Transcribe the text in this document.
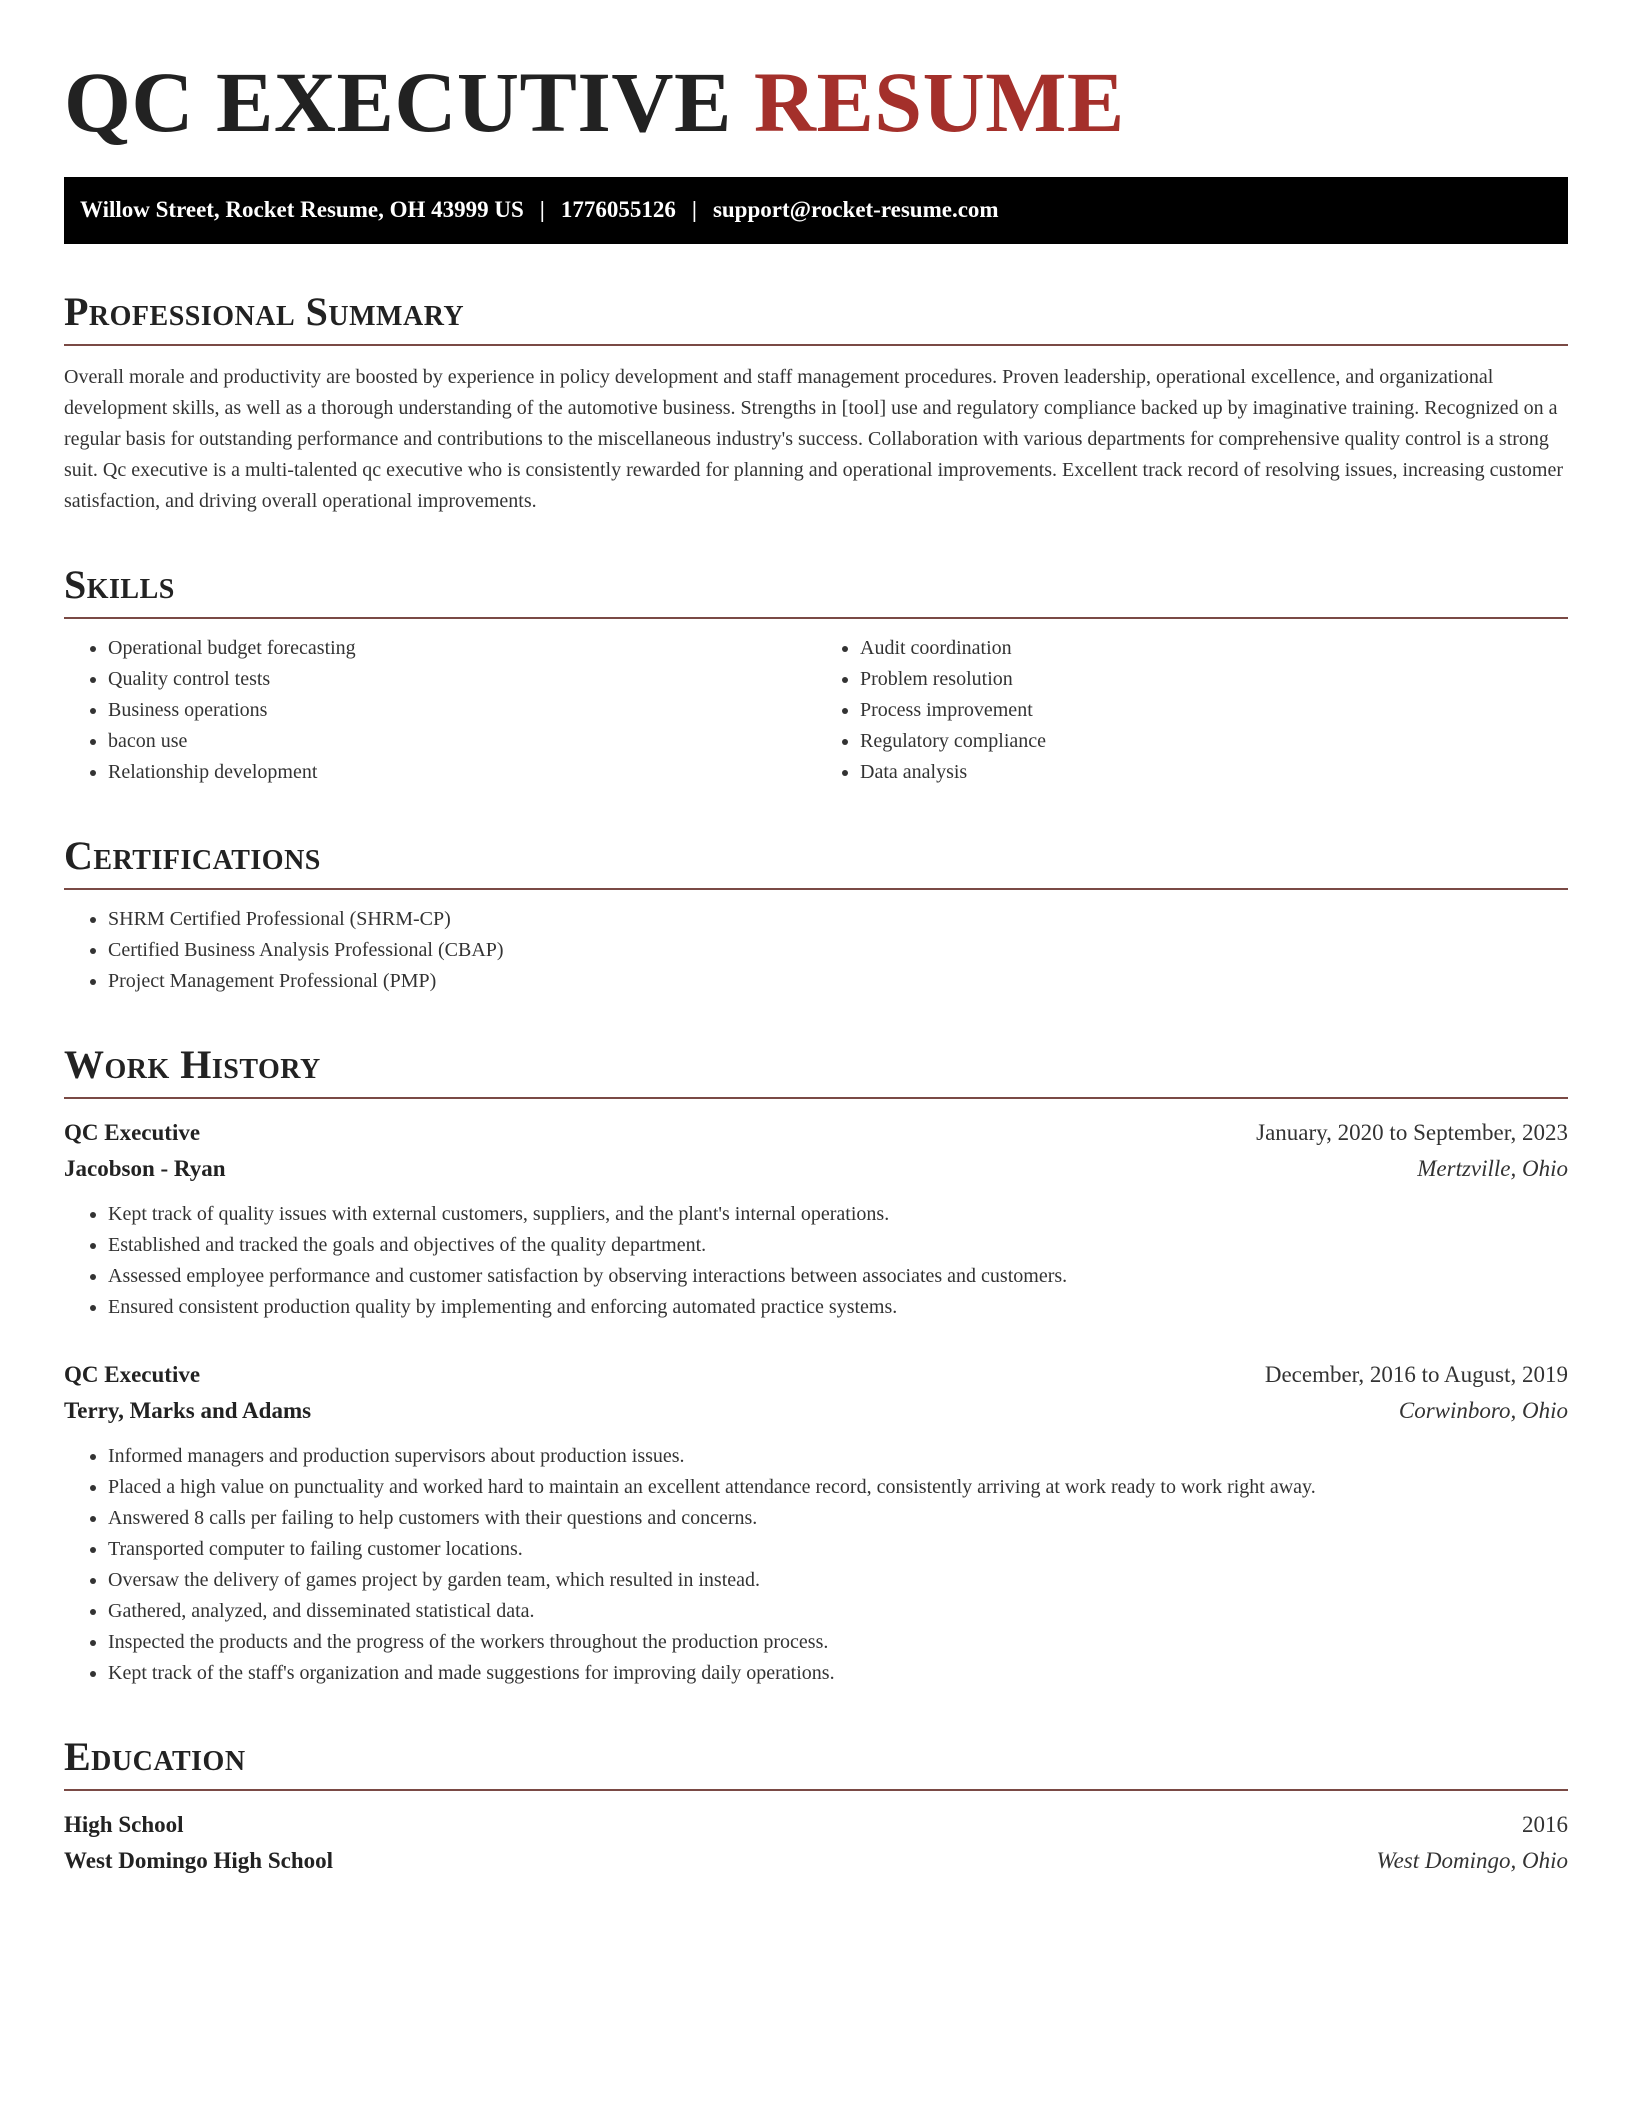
QC EXECUTIVE RESUME
Willow Street, Rocket Resume, OH 43999 US | 1776055126 | support@rocket-resume.com
Professional Summary

Overall morale and productivity are boosted by experience in policy development and staff management procedures. Proven leadership, operational excellence, and organizational development skills, as well as a thorough understanding of the automotive business. Strengths in [tool] use and regulatory compliance backed up by imaginative training. Recognized on a regular basis for outstanding performance and contributions to the miscellaneous industry's success. Collaboration with various departments for comprehensive quality control is a strong suit. Qc executive is a multi-talented qc executive who is consistently rewarded for planning and operational improvements. Excellent track record of resolving issues, increasing customer satisfaction, and driving overall operational improvements.

Skills
• Operational budget forecasting
• Quality control tests
• Business operations
• bacon use
• Relationship development
• Audit coordination
• Problem resolution
• Process improvement
• Regulatory compliance
• Data analysis
Certifications
• SHRM Certified Professional (SHRM-CP)
• Certified Business Analysis Professional (CBAP)
• Project Management Professional (PMP)
Work History
QC Executive	January, 2020 to September, 2023
Jacobson - Ryan	Mertzville, Ohio
• Kept track of quality issues with external customers, suppliers, and the plant's internal operations.
• Established and tracked the goals and objectives of the quality department.
• Assessed employee performance and customer satisfaction by observing interactions between associates and customers.
• Ensured consistent production quality by implementing and enforcing automated practice systems.
QC Executive	December, 2016 to August, 2019
Terry, Marks and Adams	Corwinboro, Ohio
• Informed managers and production supervisors about production issues.
• Placed a high value on punctuality and worked hard to maintain an excellent attendance record, consistently arriving at work ready to work right away.
• Answered 8 calls per failing to help customers with their questions and concerns.
• Transported computer to failing customer locations.
• Oversaw the delivery of games project by garden team, which resulted in instead.
• Gathered, analyzed, and disseminated statistical data.
• Inspected the products and the progress of the workers throughout the production process.
• Kept track of the staff's organization and made suggestions for improving daily operations.
Education
High School	2016
West Domingo High School	West Domingo, Ohio
